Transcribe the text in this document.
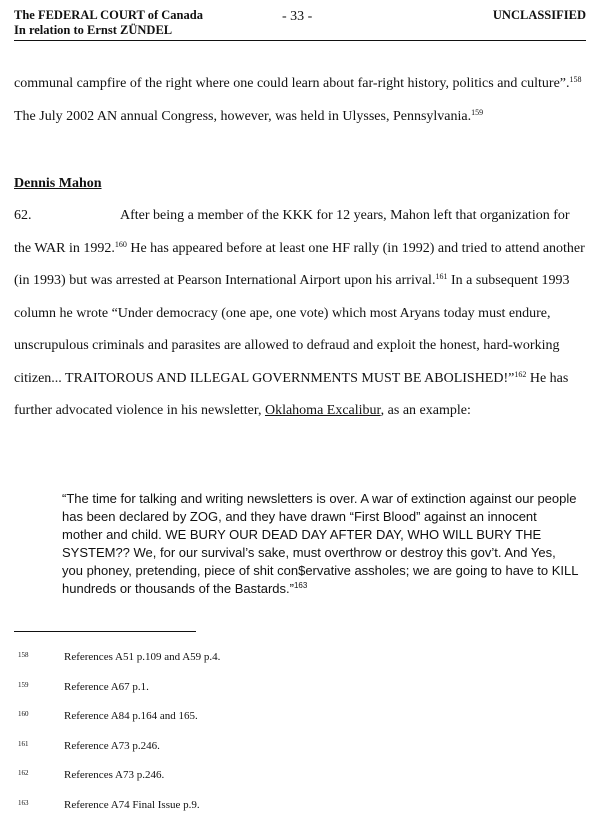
The FEDERAL COURT of Canada
In relation to Ernst ZÜNDEL
- 33 -	UNCLASSIFIED
communal campfire of the right where one could learn about far-right history, politics and culture”.$^{158}$ The July 2002 AN annual Congress, however, was held in Ulysses, Pennsylvania.$^{159}$
Dennis Mahon
62.	After being a member of the KKK for 12 years, Mahon left that organization for the WAR in 1992.$^{160}$ He has appeared before at least one HF rally (in 1992) and tried to attend another (in 1993) but was arrested at Pearson International Airport upon his arrival.$^{161}$ In a subsequent 1993 column he wrote “Under democracy (one ape, one vote) which most Aryans today must endure, unscrupulous criminals and parasites are allowed to defraud and exploit the honest, hard-working citizen... TRAITOROUS AND ILLEGAL GOVERNMENTS MUST BE ABOLISHED!”$^{162}$ He has further advocated violence in his newsletter, Oklahoma Excalibur, as an example:
“The time for talking and writing newsletters is over. A war of extinction against our people has been declared by ZOG, and they have drawn “First Blood” against an innocent mother and child. WE BURY OUR DEAD DAY AFTER DAY, WHO WILL BURY THE SYSTEM?? We, for our survival’s sake, must overthrow or destroy this gov’t. And Yes, you phoney, pretending, piece of shit con$ervative assholes; we are going to have to KILL hundreds or thousands of the Bastards.”$^{163}$
158	References A51 p.109 and A59 p.4.
159	Reference A67 p.1.
160	Reference A84 p.164 and 165.
161	Reference A73 p.246.
162	References A73 p.246.
163	Reference A74 Final Issue p.9.
